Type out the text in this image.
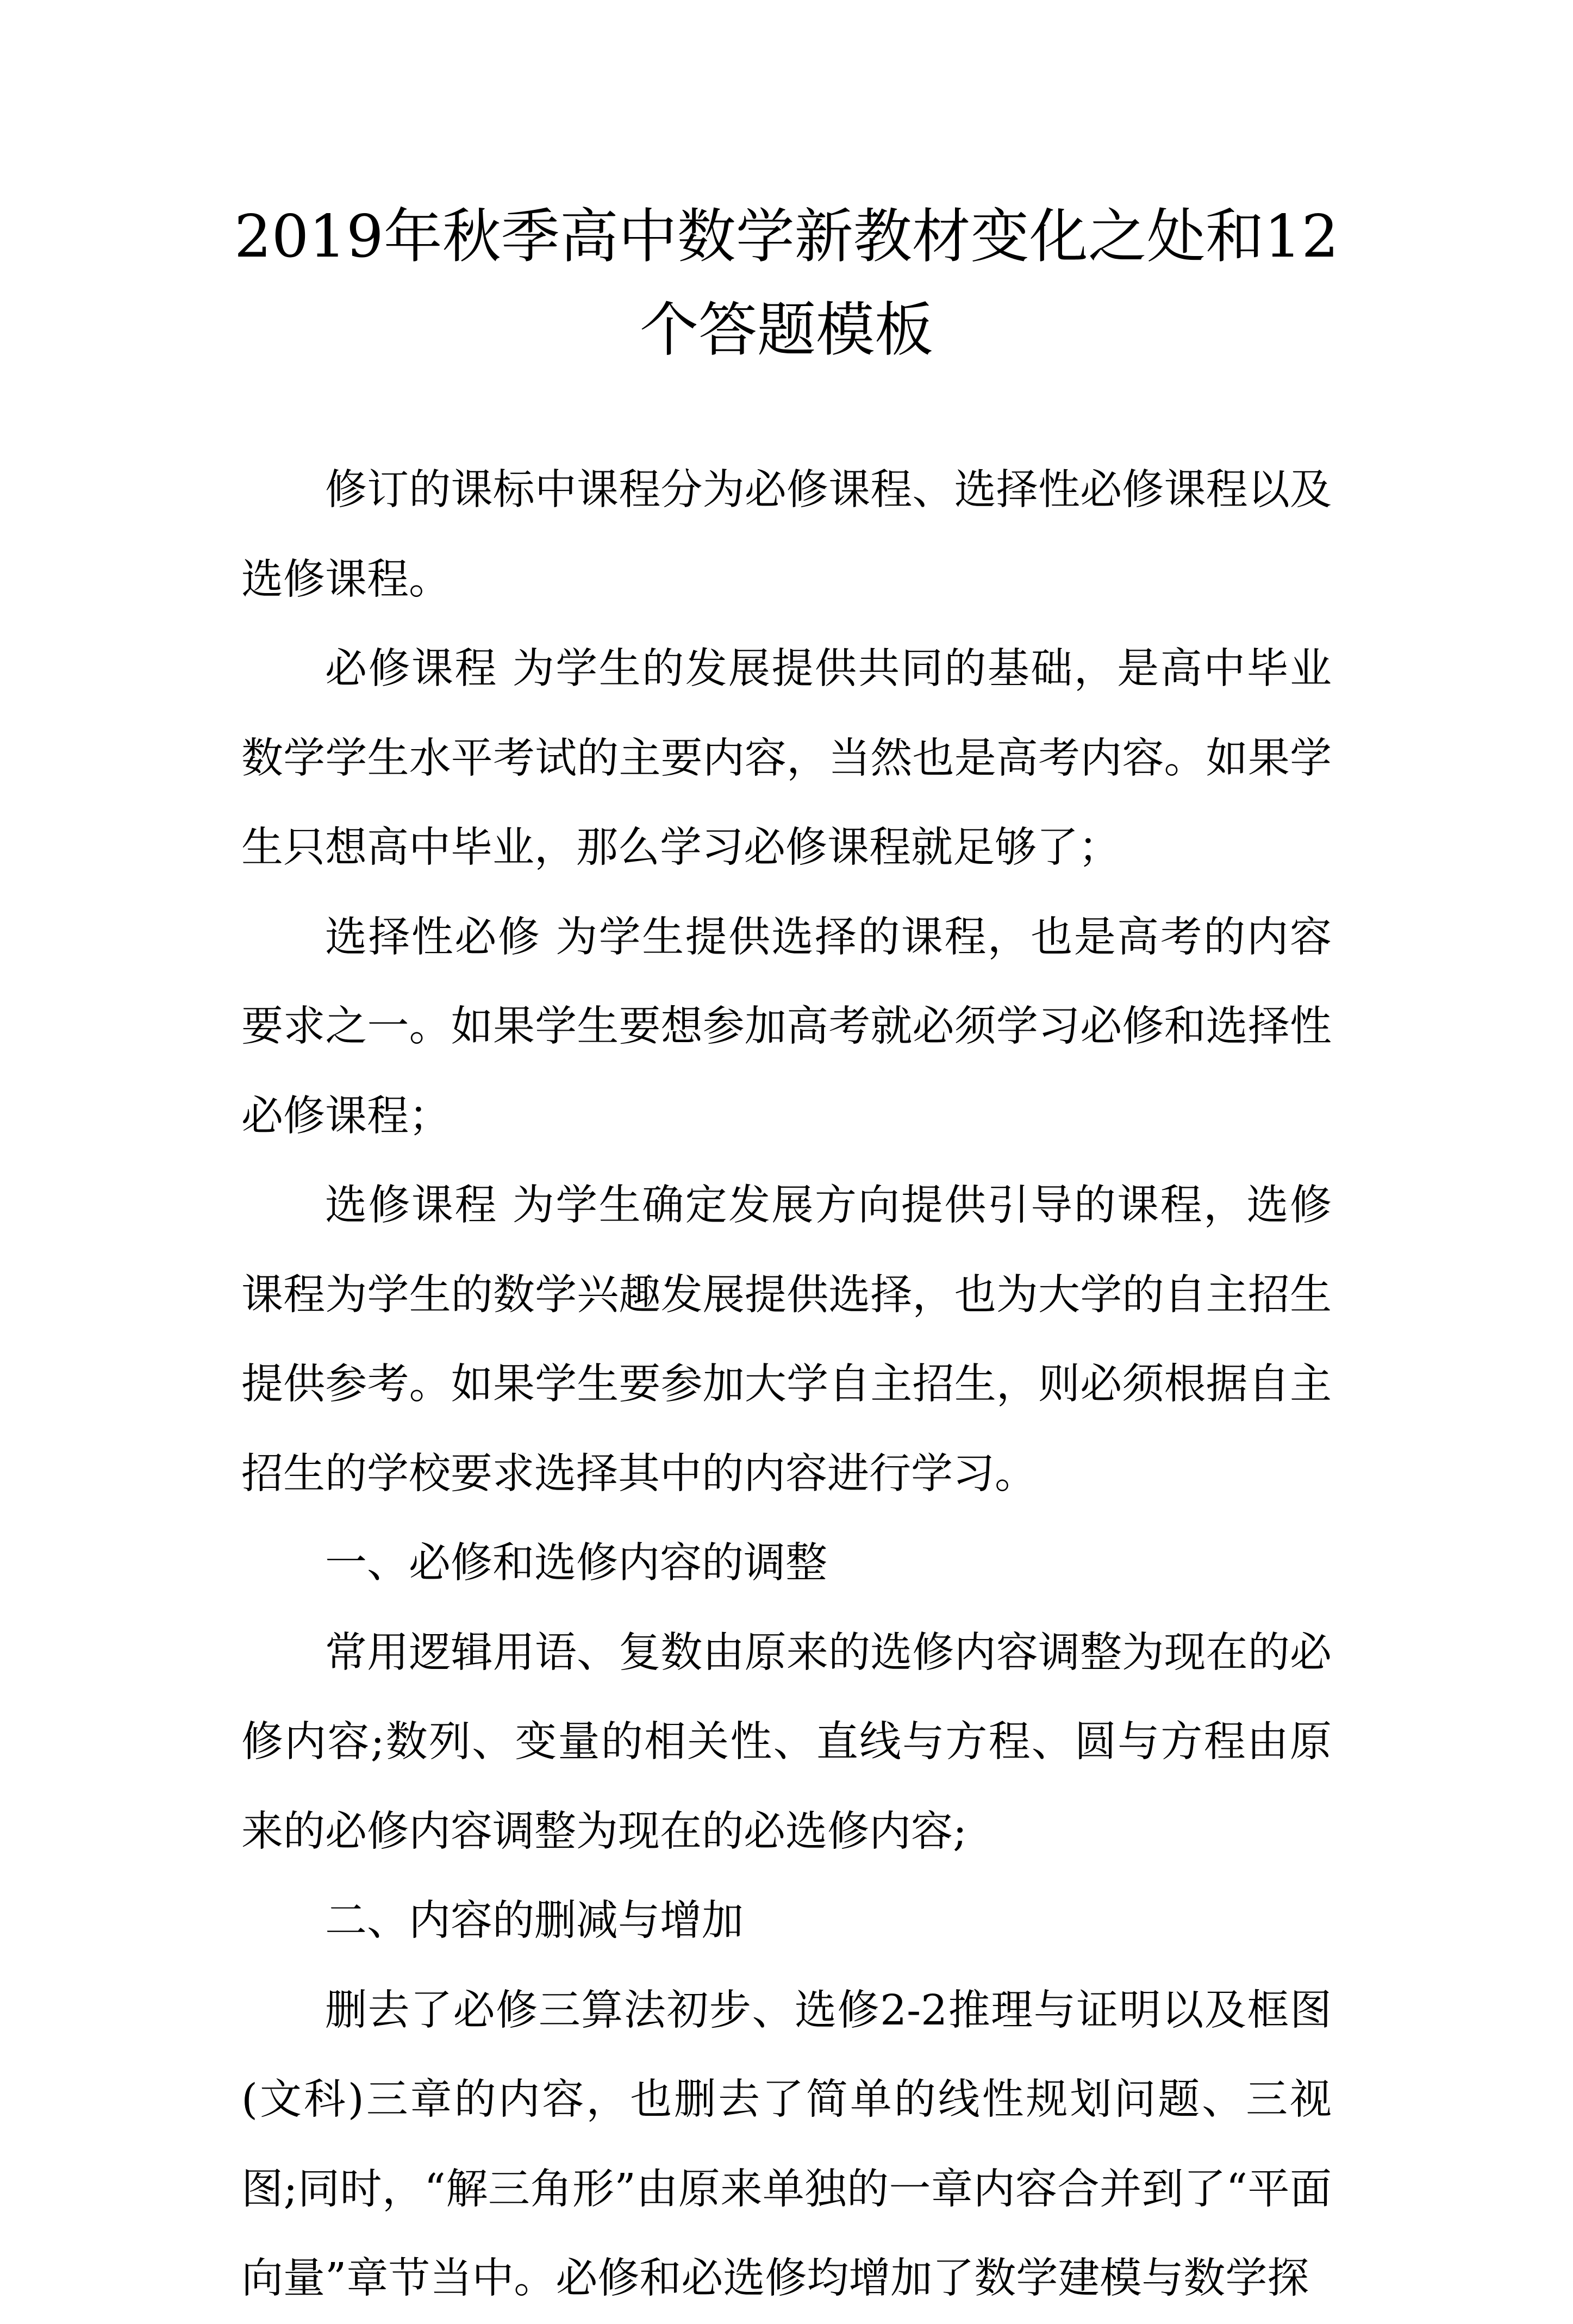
2019年秋季高中数学新教材变化之处和12个答题模板

修订的课标中课程分为必修课程、选择性必修课程以及选修课程。

必修课程 为学生的发展提供共同的基础，是高中毕业数学学生水平考试的主要内容，当然也是高考内容。如果学生只想高中毕业，那么学习必修课程就足够了；

选择性必修 为学生提供选择的课程，也是高考的内容要求之一。如果学生要想参加高考就必须学习必修和选择性必修课程；

选修课程 为学生确定发展方向提供引导的课程，选修课程为学生的数学兴趣发展提供选择，也为大学的自主招生提供参考。如果学生要参加大学自主招生，则必须根据自主招生的学校要求选择其中的内容进行学习。

一、必修和选修内容的调整

常用逻辑用语、复数由原来的选修内容调整为现在的必修内容;数列、变量的相关性、直线与方程、圆与方程由原来的必修内容调整为现在的必选修内容;

二、内容的删减与增加

删去了必修三算法初步、选修2-2推理与证明以及框图(文科)三章的内容，也删去了简单的线性规划问题、三视图;同时，“解三角形”由原来单独的一章内容合并到了“平面向量”章节当中。必修和必选修均增加了数学建模与数学探
